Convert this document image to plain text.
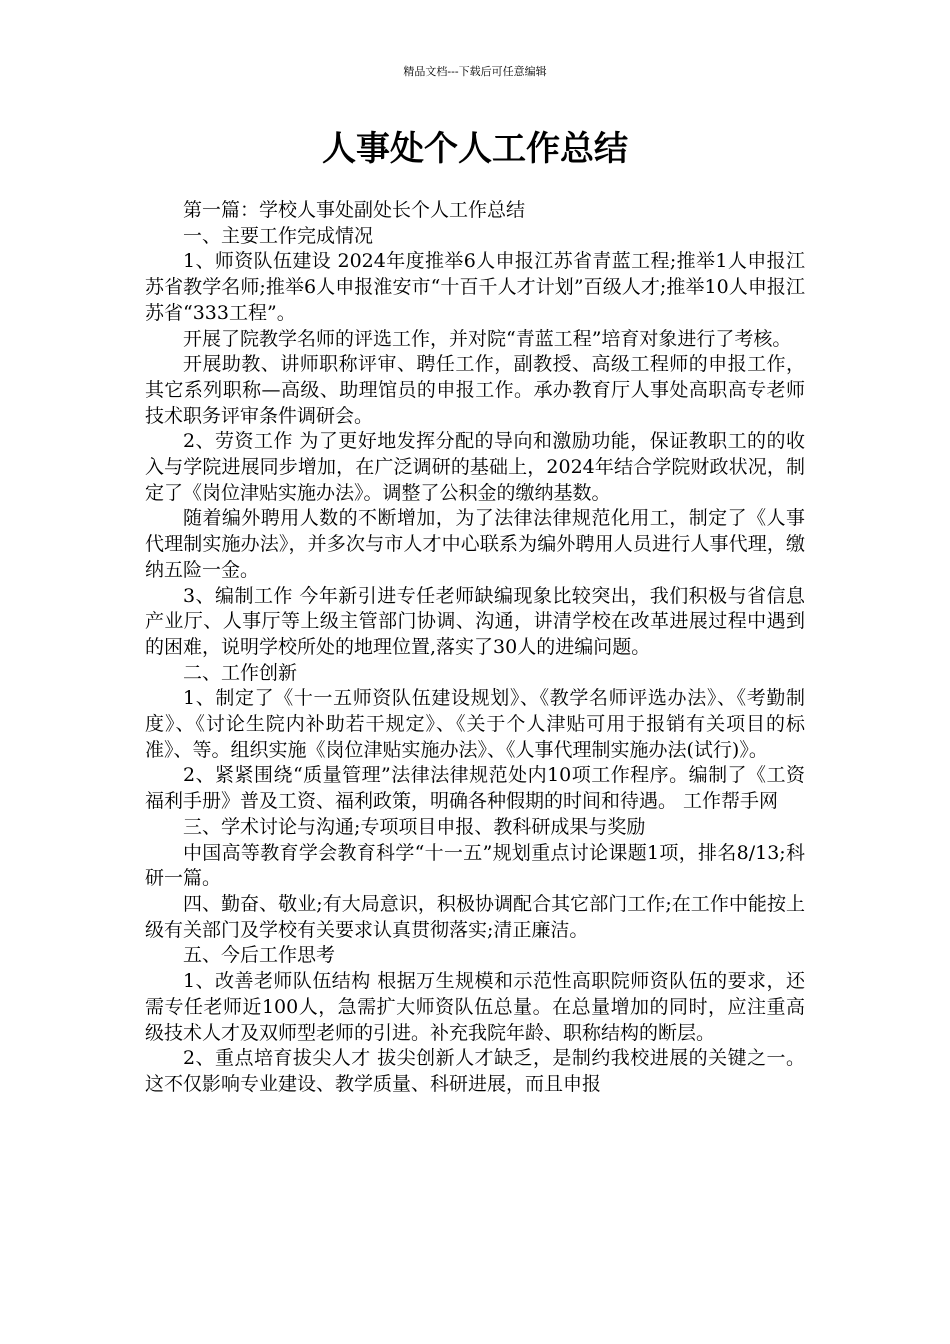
精品文档---下载后可任意编辑
人事处个人工作总结

第一篇：学校人事处副处长个人工作总结

一、主要工作完成情况

1、师资队伍建设 2024年度推举6人申报江苏省青蓝工程;推举1人申报江苏省教学名师;推举6人申报淮安市“十百千人才计划”百级人才;推举10人申报江苏省“333工程”。

开展了院教学名师的评选工作，并对院“青蓝工程”培育对象进行了考核。

开展助教、讲师职称评审、聘任工作，副教授、高级工程师的申报工作，其它系列职称—高级、助理馆员的申报工作。承办教育厅人事处高职高专老师技术职务评审条件调研会。

2、劳资工作 为了更好地发挥分配的导向和激励功能，保证教职工的的收入与学院进展同步增加，在广泛调研的基础上，2024年结合学院财政状况，制定了《岗位津贴实施办法》。调整了公积金的缴纳基数。

随着编外聘用人数的不断增加，为了法律法律规范化用工，制定了《人事代理制实施办法》，并多次与市人才中心联系为编外聘用人员进行人事代理，缴纳五险一金。

3、编制工作 今年新引进专任老师缺编现象比较突出，我们积极与省信息产业厅、人事厅等上级主管部门协调、沟通，讲清学校在改革进展过程中遇到的困难，说明学校所处的地理位置,落实了30人的进编问题。

二、工作创新

1、制定了《十一五师资队伍建设规划》、《教学名师评选办法》、《考勤制度》、《讨论生院内补助若干规定》、《关于个人津贴可用于报销有关项目的标准》、等。组织实施《岗位津贴实施办法》、《人事代理制实施办法(试行)》。

2、紧紧围绕“质量管理”法律法律规范处内10项工作程序。编制了《工资福利手册》普及工资、福利政策，明确各种假期的时间和待遇。 工作帮手网

三、学术讨论与沟通;专项项目申报、教科研成果与奖励

中国高等教育学会教育科学“十一五”规划重点讨论课题1项，排名8/13;科研一篇。

四、勤奋、敬业;有大局意识，积极协调配合其它部门工作;在工作中能按上级有关部门及学校有关要求认真贯彻落实;清正廉洁。

五、今后工作思考

1、改善老师队伍结构 根据万生规模和示范性高职院师资队伍的要求，还需专任老师近100人，急需扩大师资队伍总量。在总量增加的同时，应注重高级技术人才及双师型老师的引进。补充我院年龄、职称结构的断层。

2、重点培育拔尖人才 拔尖创新人才缺乏，是制约我校进展的关键之一。这不仅影响专业建设、教学质量、科研进展，而且申报
